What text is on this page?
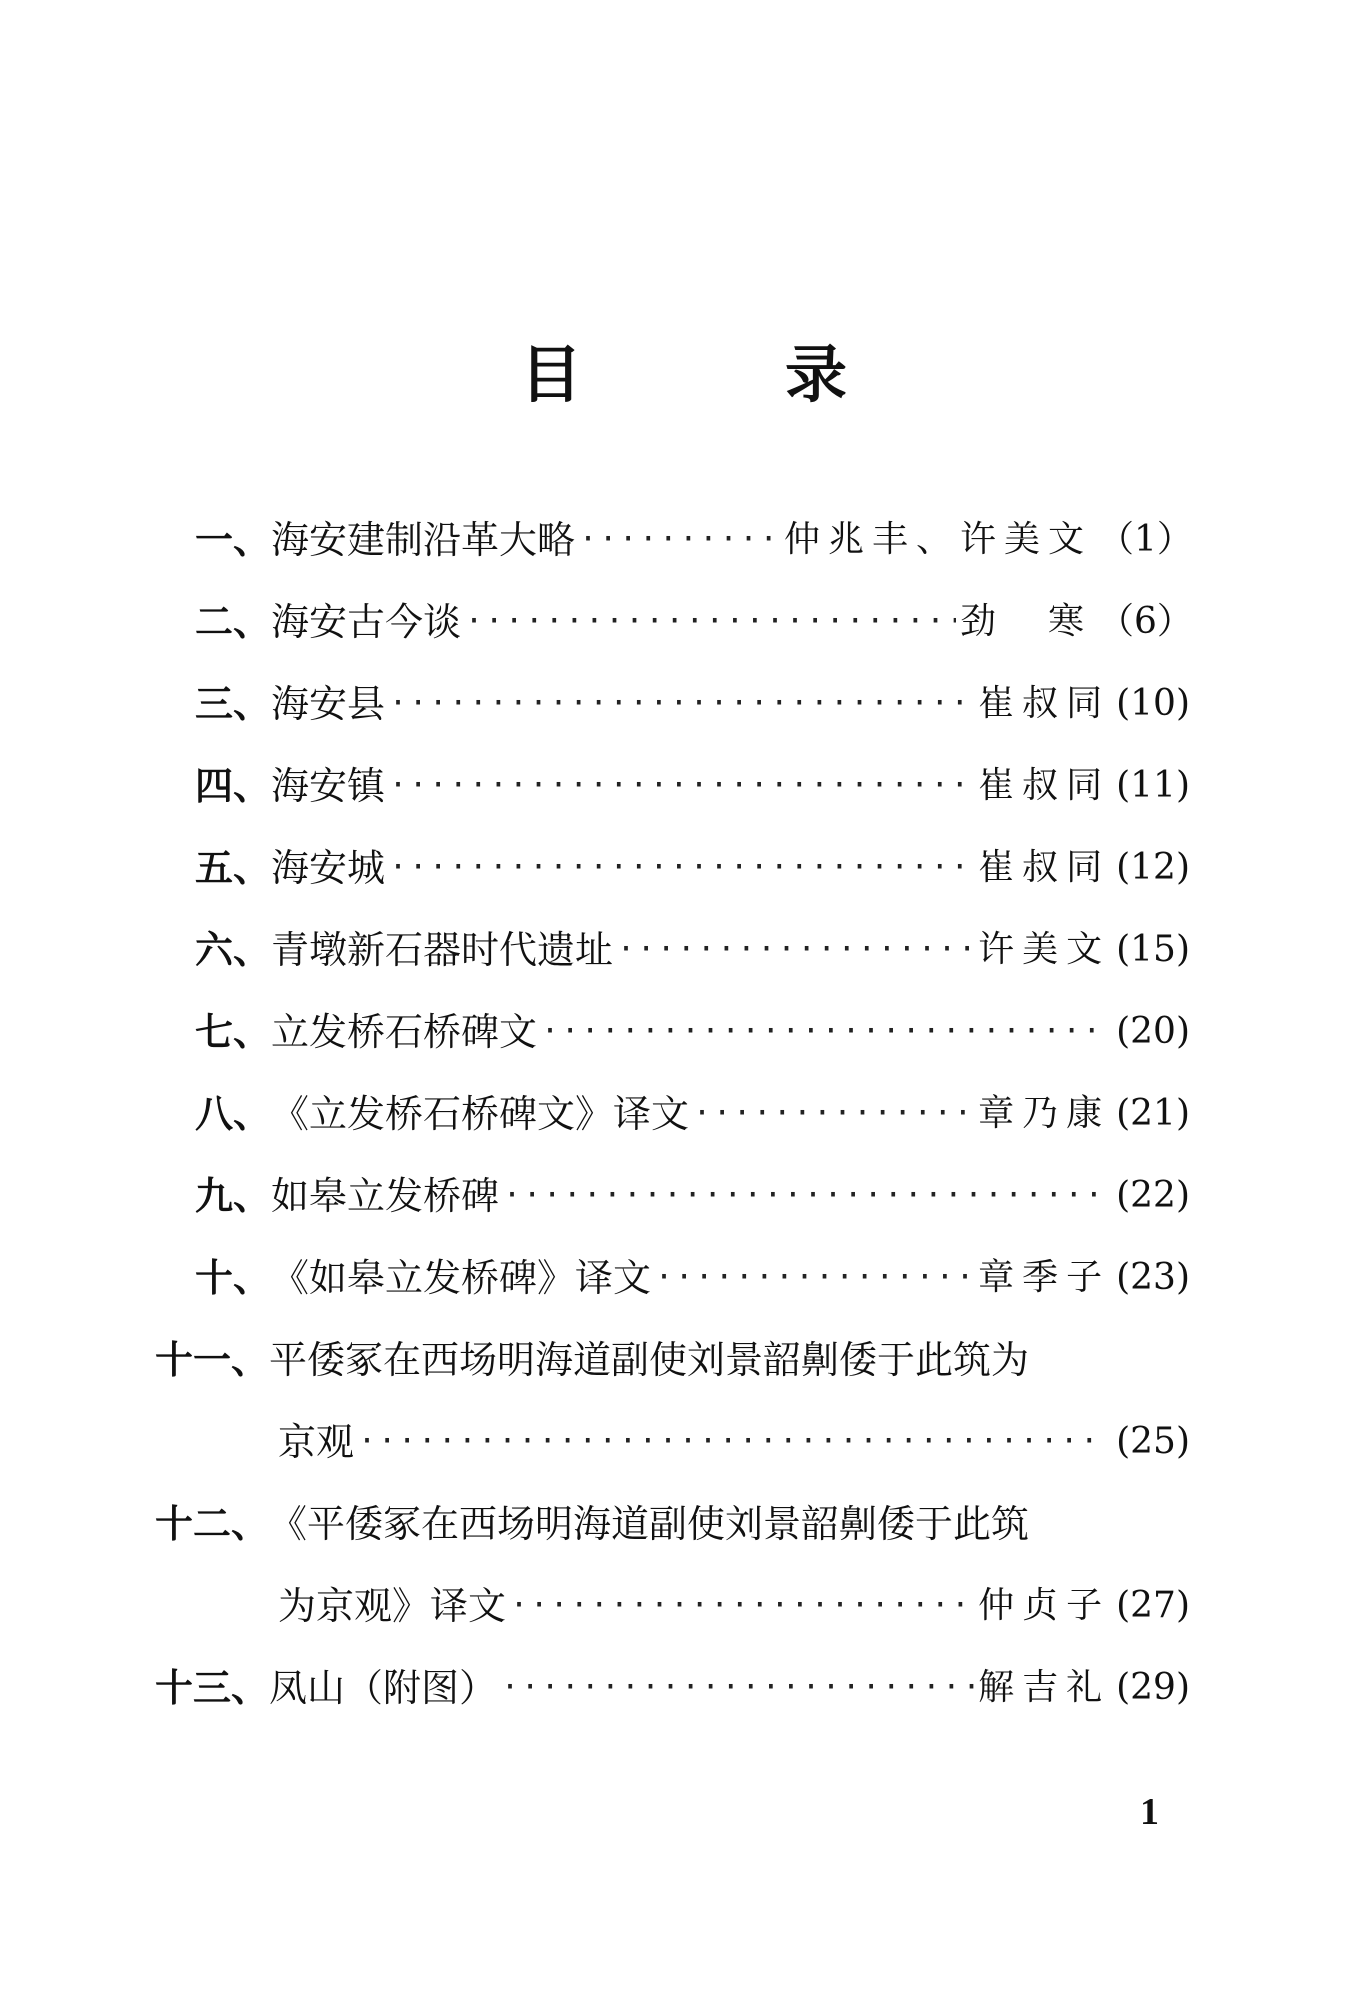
目	录
一、 海安建制沿革大略 ·····	仲兆丰、许美文 （1）
二、 海安古今谈 ·····	劲　寒 （6）
三、 海安县 ·····	崔叔同 (10)
四、 海安镇 ·····	崔叔同 (11)
五、 海安城 ·····	崔叔同 (12)
六、 青墩新石器时代遗址 ·····	许美文 (15)
七、 立发桥石桥碑文 ·····	(20)
八、 《立发桥石桥碑文》译文 ·····	章乃康 (21)
九、 如皋立发桥碑 ·····	(22)
十、 《如皋立发桥碑》译文 ·····	章季子 (23)
十一、 平倭冢在西场明海道副使刘景韶劓倭于此筑为
京观 ·····	(25)
十二、 《平倭冢在西场明海道副使刘景韶劓倭于此筑
为京观》译文 ·····	仲贞子 (27)
十三、 凤山（附图） ·····	解吉礼 (29)
1
